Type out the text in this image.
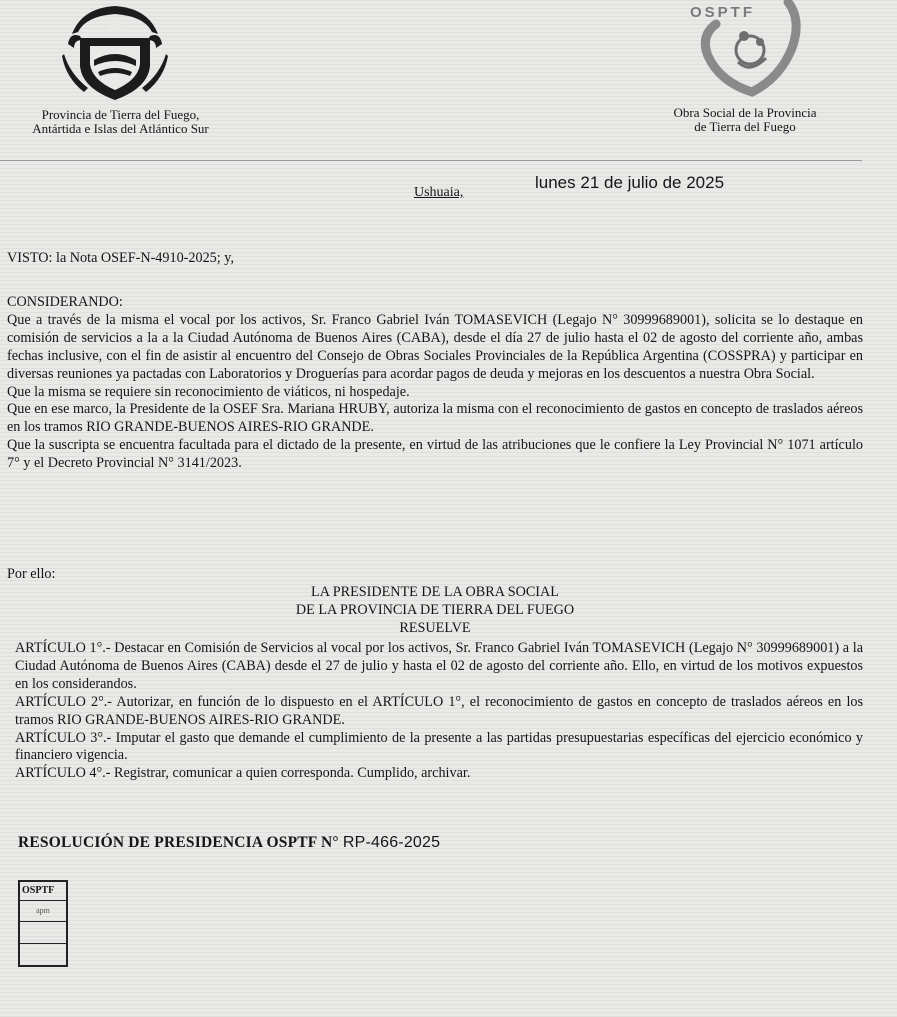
Provincia de Tierra del Fuego,
Antártida e Islas del Atlántico Sur
OSPTF
Obra Social de la Provincia
de Tierra del Fuego
Ushuaia,
lunes 21 de julio de 2025

VISTO: la Nota OSEF-N-4910-2025; y,

CONSIDERANDO:

Que a través de la misma el vocal por los activos, Sr. Franco Gabriel Iván TOMASEVICH (Legajo N° 30999689001), solicita se lo destaque en comisión de servicios a la a la Ciudad Autónoma de Buenos Aires (CABA), desde el día 27 de julio hasta el 02 de agosto del corriente año, ambas fechas inclusive, con el fin de asistir al encuentro del Consejo de Obras Sociales Provinciales de la República Argentina (COSSPRA) y participar en diversas reuniones ya pactadas con Laboratorios y Droguerías para acordar pagos de deuda y mejoras en los descuentos a nuestra Obra Social.

Que la misma se requiere sin reconocimiento de viáticos, ni hospedaje.

Que en ese marco, la Presidente de la OSEF Sra. Mariana HRUBY, autoriza la misma con el reconocimiento de gastos en concepto de traslados aéreos en los tramos RIO GRANDE-BUENOS AIRES-RIO GRANDE.

Que la suscripta se encuentra facultada para el dictado de la presente, en virtud de las atribuciones que le confiere la Ley Provincial N° 1071 artículo 7° y el Decreto Provincial N° 3141/2023.

Por ello:

LA PRESIDENTE DE LA OBRA SOCIAL
DE LA PROVINCIA DE TIERRA DEL FUEGO
RESUELVE

ARTÍCULO 1°.- Destacar en Comisión de Servicios al vocal por los activos, Sr. Franco Gabriel Iván TOMASEVICH (Legajo N° 30999689001) a la Ciudad Autónoma de Buenos Aires (CABA) desde el 27 de julio y hasta el 02 de agosto del corriente año. Ello, en virtud de los motivos expuestos en los considerandos.

ARTÍCULO 2°.- Autorizar, en función de lo dispuesto en el ARTÍCULO 1°, el reconocimiento de gastos en concepto de traslados aéreos en los tramos RIO GRANDE-BUENOS AIRES-RIO GRANDE.

ARTÍCULO 3°.- Imputar el gasto que demande el cumplimiento de la presente a las partidas presupuestarias específicas del ejercicio económico y financiero vigencia.

ARTÍCULO 4°.- Registrar, comunicar a quien corresponda. Cumplido, archivar.

RESOLUCIÓN DE PRESIDENCIA OSPTF N° RP-466-2025
OSPTF
apm
